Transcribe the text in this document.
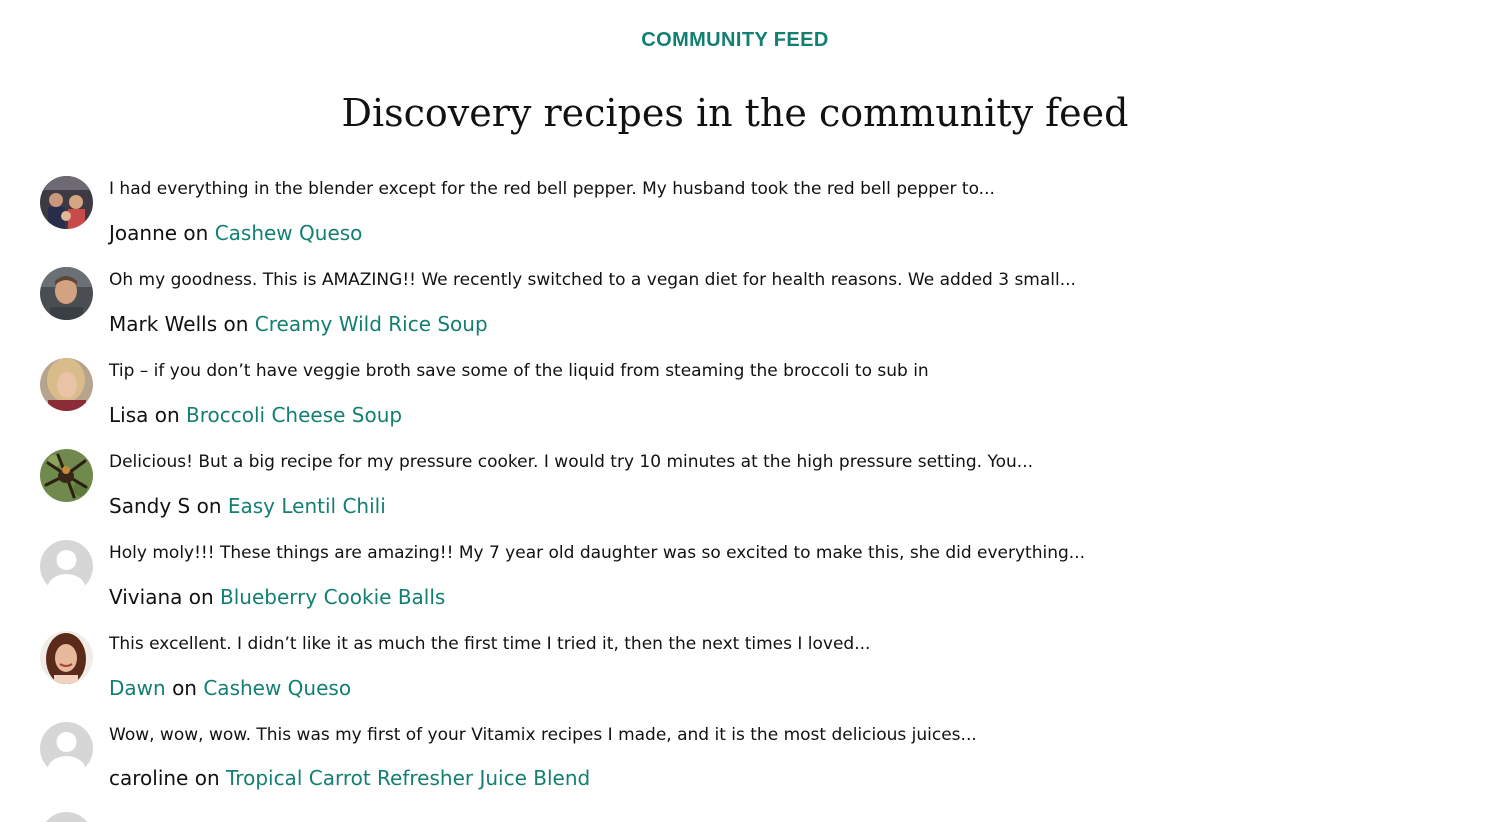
COMMUNITY FEED
Discovery recipes in the community feed
I had everything in the blender except for the red bell pepper. My husband took the red bell pepper to...
Joanne on Cashew Queso
Oh my goodness. This is AMAZING!! We recently switched to a vegan diet for health reasons. We added 3 small...
Mark Wells on Creamy Wild Rice Soup
Tip – if you don’t have veggie broth save some of the liquid from steaming the broccoli to sub in
Lisa on Broccoli Cheese Soup
Delicious! But a big recipe for my pressure cooker. I would try 10 minutes at the high pressure setting. You...
Sandy S on Easy Lentil Chili
Holy moly!!! These things are amazing!! My 7 year old daughter was so excited to make this, she did everything...
Viviana on Blueberry Cookie Balls
This excellent. I didn’t like it as much the first time I tried it, then the next times I loved...
Dawn on Cashew Queso
Wow, wow, wow. This was my first of your Vitamix recipes I made, and it is the most delicious juices...
caroline on Tropical Carrot Refresher Juice Blend
